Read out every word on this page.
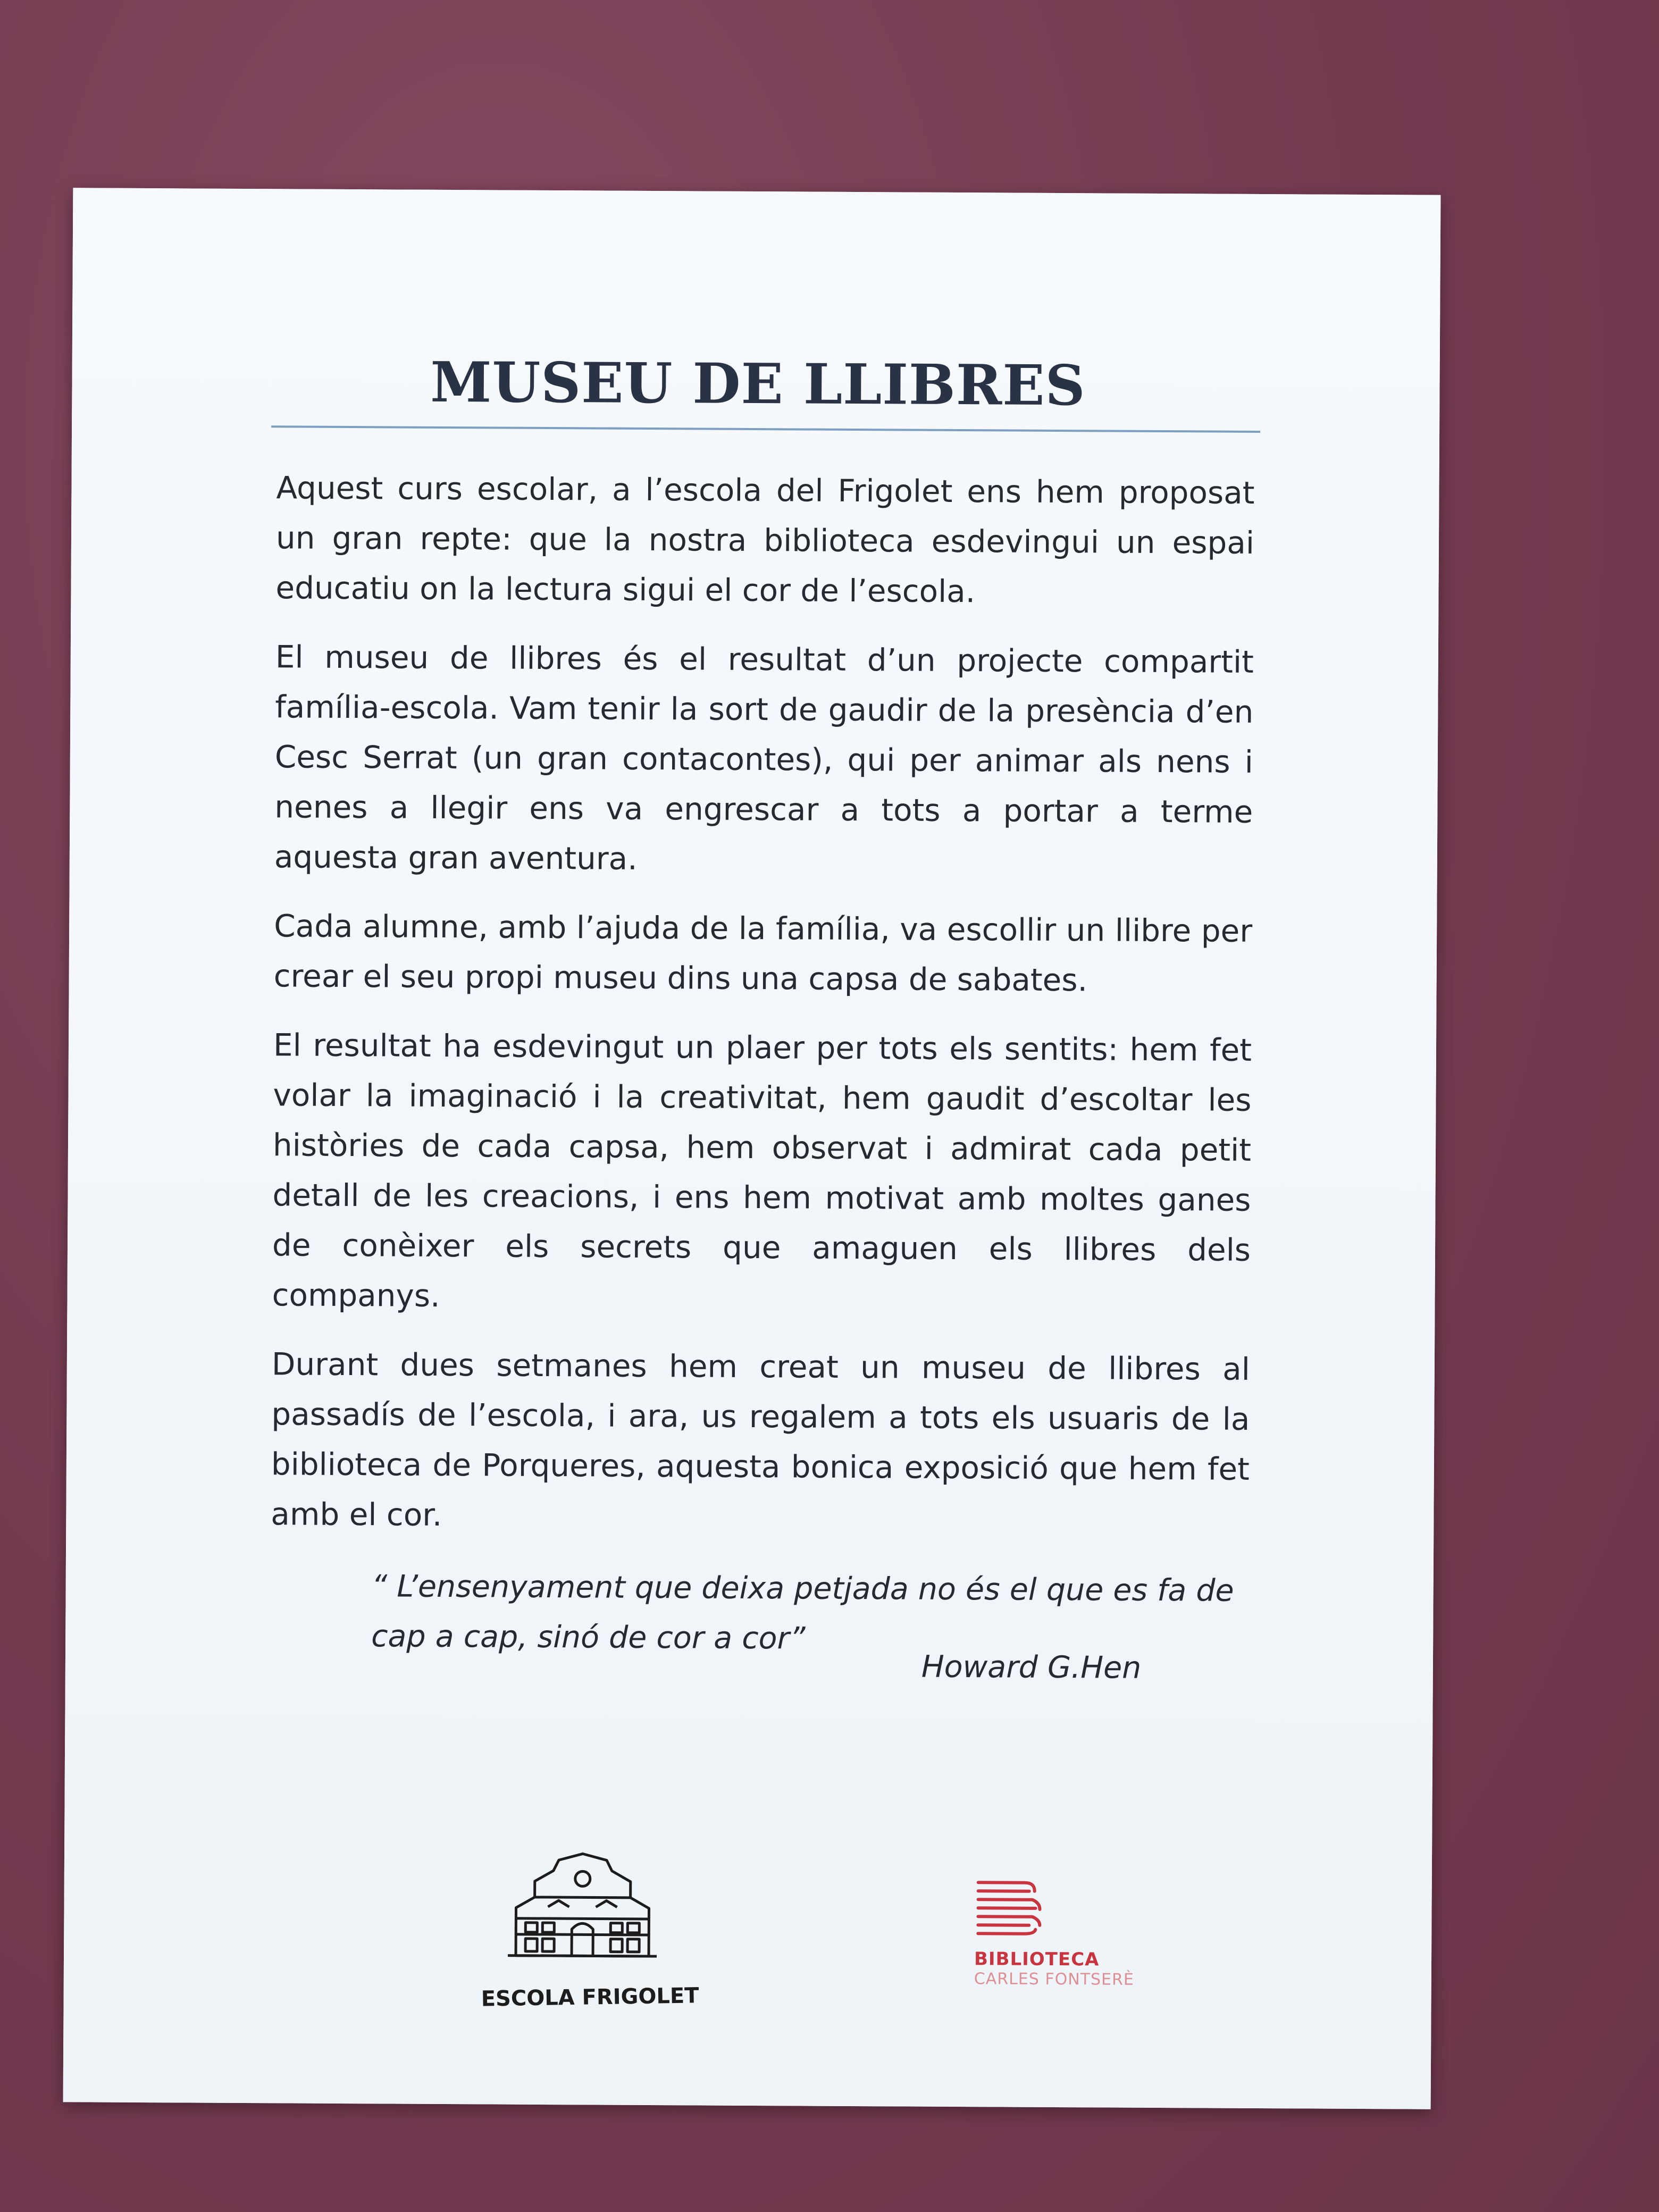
MUSEU DE LLIBRES

Aquest curs escolar, a l’escola del Frigolet ens hem proposat un gran repte: que la nostra biblioteca esdevingui un espai educatiu on la lectura sigui el cor de l’escola.

El museu de llibres és el resultat d’un projecte compartit família-escola. Vam tenir la sort de gaudir de la presència d’en Cesc Serrat (un gran contacontes), qui per animar als nens i nenes a llegir ens va engrescar a tots a portar a terme aquesta gran aventura.

Cada alumne, amb l’ajuda de la família, va escollir un llibre per crear el seu propi museu dins una capsa de sabates.

El resultat ha esdevingut un plaer per tots els sentits: hem fet volar la imaginació i la creativitat, hem gaudit d’escoltar les històries de cada capsa, hem observat i admirat cada petit detall de les creacions, i ens hem motivat amb moltes ganes de conèixer els secrets que amaguen els llibres dels companys.

Durant dues setmanes hem creat un museu de llibres al passadís de l’escola, i ara, us regalem a tots els usuaris de la biblioteca de Porqueres, aquesta bonica exposició que hem fet amb el cor.

“ L’ensenyament que deixa petjada no és el que es fa de cap a cap, sinó de cor a cor”

Howard G.Hen
ESCOLA FRIGOLET
BIBLIOTECA
CARLES FONTSERÈ
